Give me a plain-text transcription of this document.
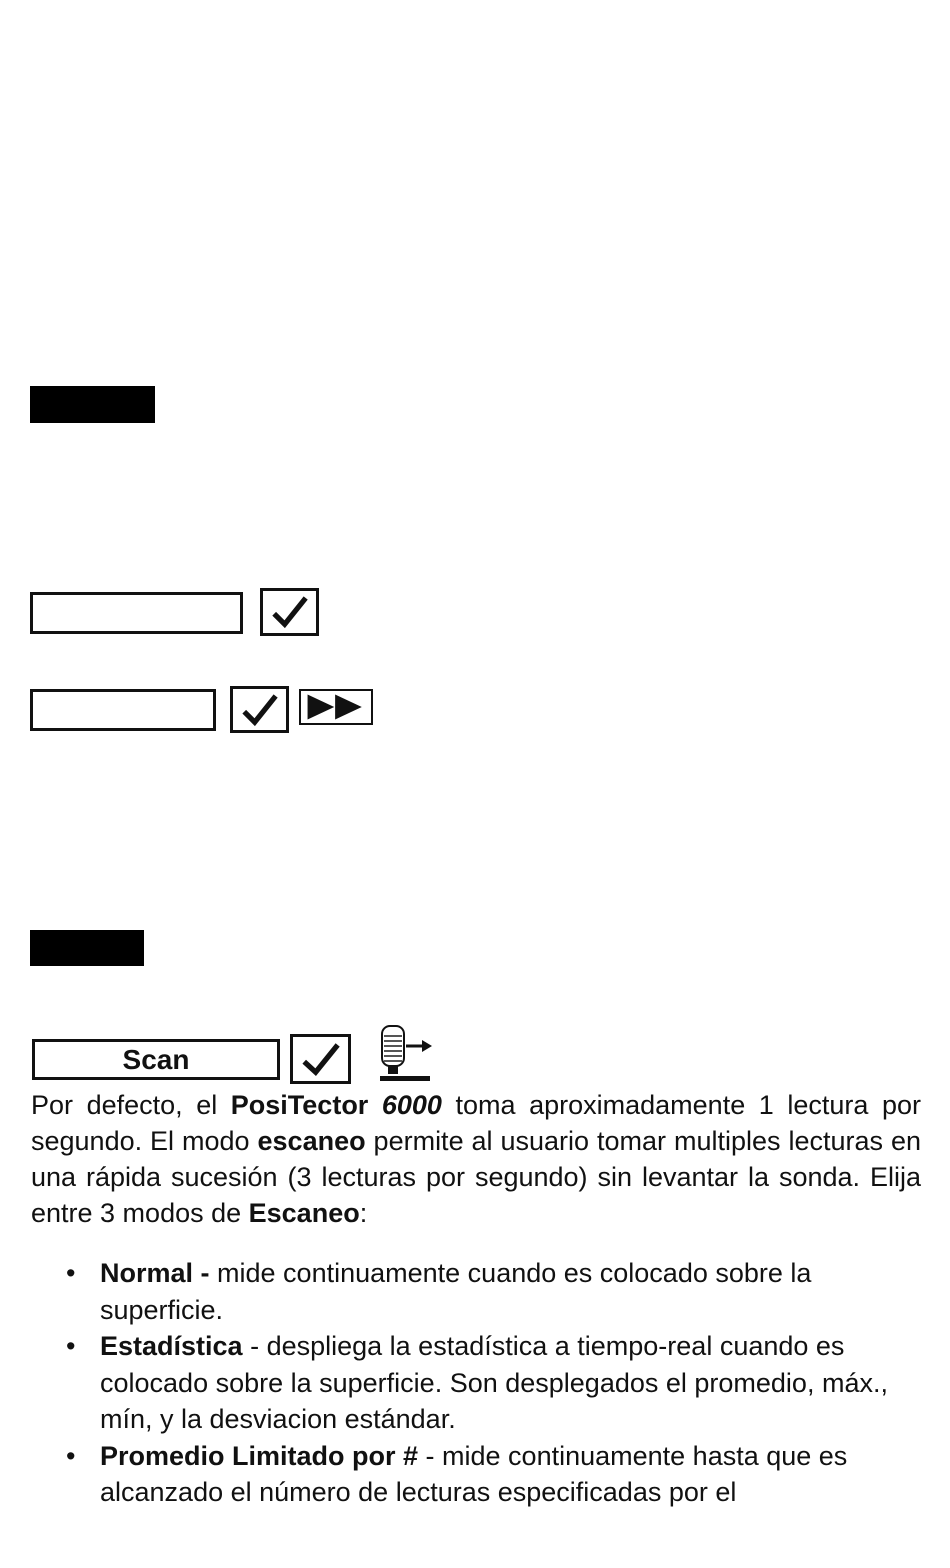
Scan
Por defecto, el PosiTector 6000 toma aproximadamente 1 lectura por segundo. El modo escaneo permite al usuario tomar multiples lecturas en una rápida sucesión (3 lecturas por segundo) sin levantar la sonda. Elija entre 3 modos de Escaneo:
• Normal - mide continuamente cuando es colocado sobre la superficie.
• Estadística - despliega la estadística a tiempo-real cuando es colocado sobre la superficie. Son desplegados el promedio, máx., mín, y la desviacion estándar.
• Promedio Limitado por # - mide continuamente hasta que es alcanzado el número de lecturas especificadas por el
